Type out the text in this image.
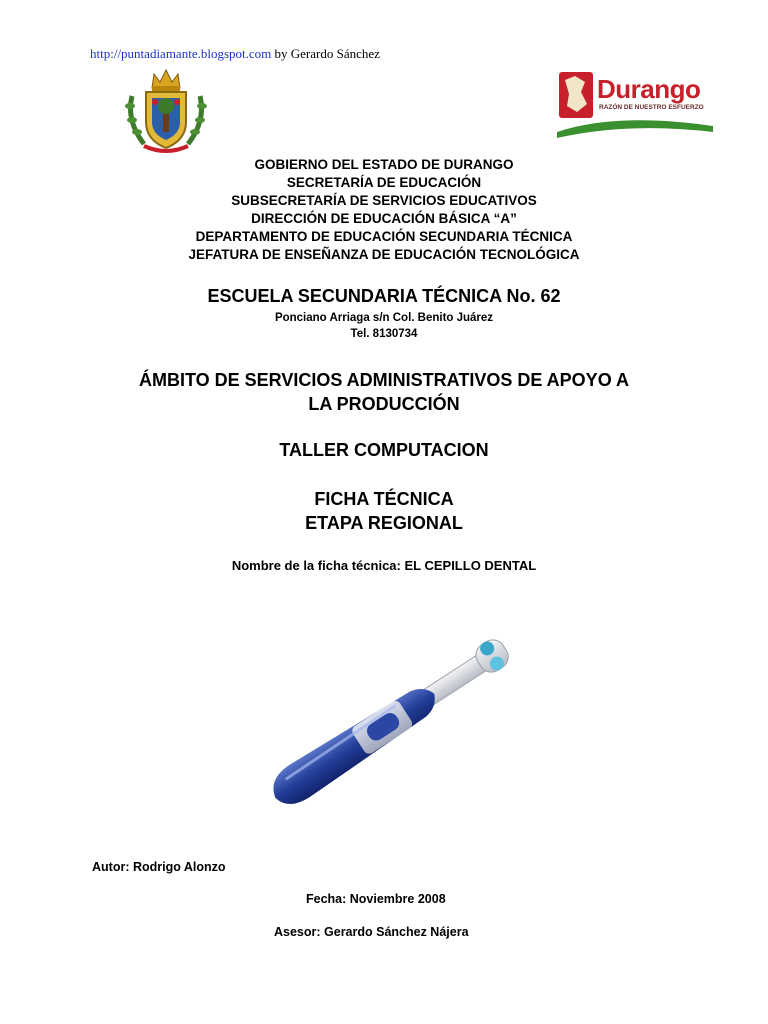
http://puntadiamante.blogspot.com by Gerardo Sánchez
Durango
RAZÓN DE NUESTRO ESFUERZO
GOBIERNO DEL ESTADO DE DURANGO
SECRETARÍA DE EDUCACIÓN
SUBSECRETARÍA DE SERVICIOS EDUCATIVOS
DIRECCIÓN DE EDUCACIÓN BÁSICA “A”
DEPARTAMENTO DE EDUCACIÓN SECUNDARIA TÉCNICA
JEFATURA DE ENSEÑANZA DE EDUCACIÓN TECNOLÓGICA
ESCUELA SECUNDARIA TÉCNICA No. 62
Ponciano Arriaga s/n Col. Benito Juárez
Tel. 8130734
ÁMBITO DE SERVICIOS ADMINISTRATIVOS DE APOYO A
LA PRODUCCIÓN
TALLER COMPUTACION
FICHA TÉCNICA
ETAPA REGIONAL
Nombre de la ficha técnica: EL CEPILLO DENTAL
Autor: Rodrigo Alonzo
Fecha: Noviembre 2008
Asesor: Gerardo Sánchez Nájera
